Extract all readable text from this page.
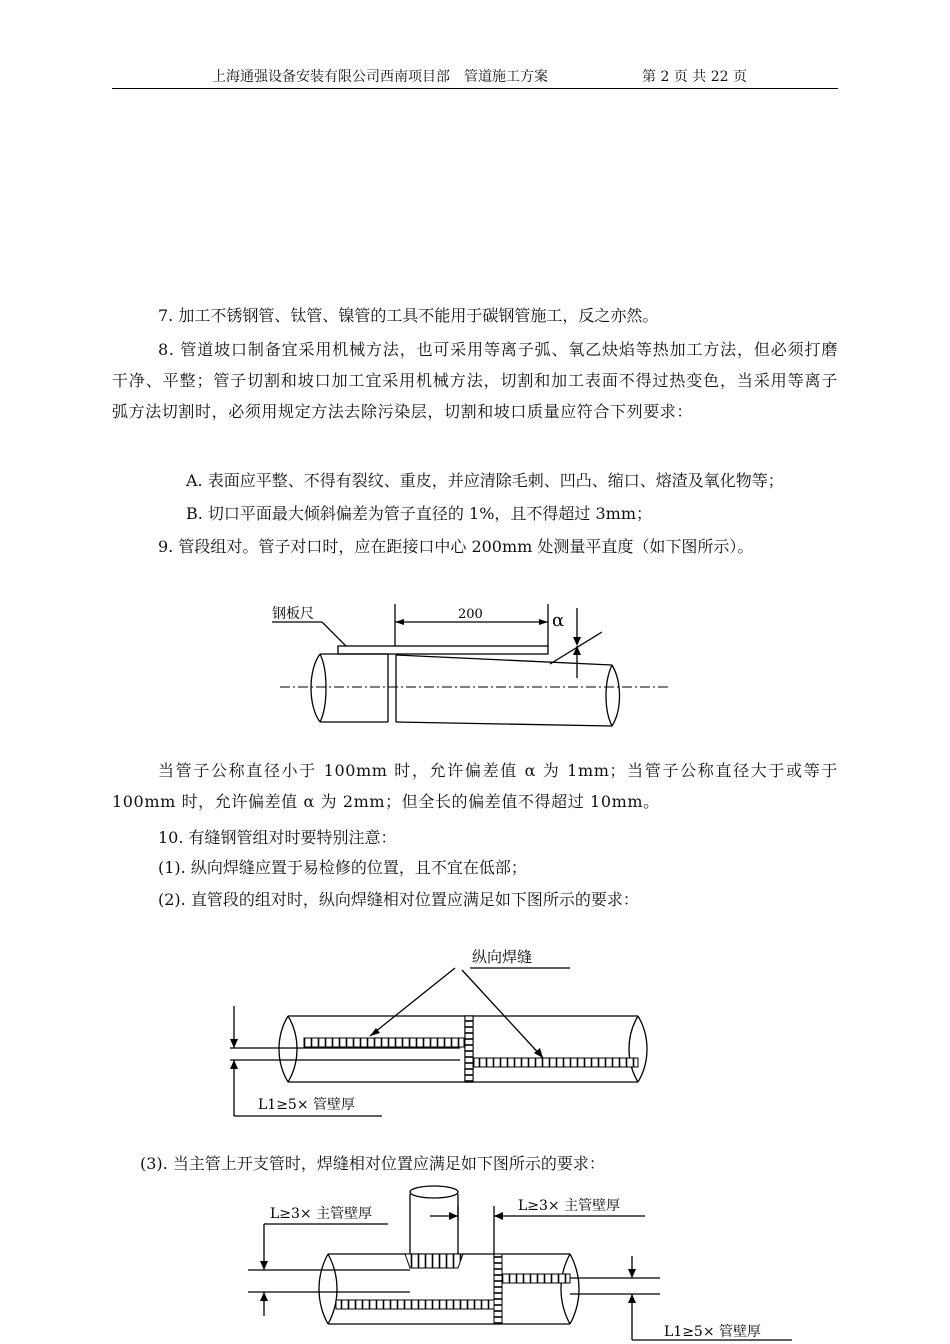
上海通强设备安装有限公司西南项目部　管道施工方案	第 2 页 共 22 页
7. 加工不锈钢管、钛管、镍管的工具不能用于碳钢管施工，反之亦然。
8. 管道坡口制备宜采用机械方法，也可采用等离子弧、氧乙炔焰等热加工方法，但必须打磨干净、平整；管子切割和坡口加工宜采用机械方法，切割和加工表面不得过热变色，当采用等离子弧方法切割时，必须用规定方法去除污染层，切割和坡口质量应符合下列要求：
A. 表面应平整、不得有裂纹、重皮，并应清除毛刺、凹凸、缩口、熔渣及氧化物等；
B. 切口平面最大倾斜偏差为管子直径的 1%，且不得超过 3mm；
9. 管段组对。管子对口时，应在距接口中心 200mm 处测量平直度（如下图所示）。
钢板尺	200	α
当管子公称直径小于 100mm 时，允许偏差值 α 为 1mm；当管子公称直径大于或等于 100mm 时，允许偏差值 α 为 2mm；但全长的偏差值不得超过 10mm。
10. 有缝钢管组对时要特别注意：
(1). 纵向焊缝应置于易检修的位置，且不宜在低部；
(2). 直管段的组对时，纵向焊缝相对位置应满足如下图所示的要求：
纵向焊缝
L1≥5× 管壁厚
(3). 当主管上开支管时，焊缝相对位置应满足如下图所示的要求：
L≥3× 主管壁厚	L≥3× 主管壁厚
L1≥5× 管壁厚
